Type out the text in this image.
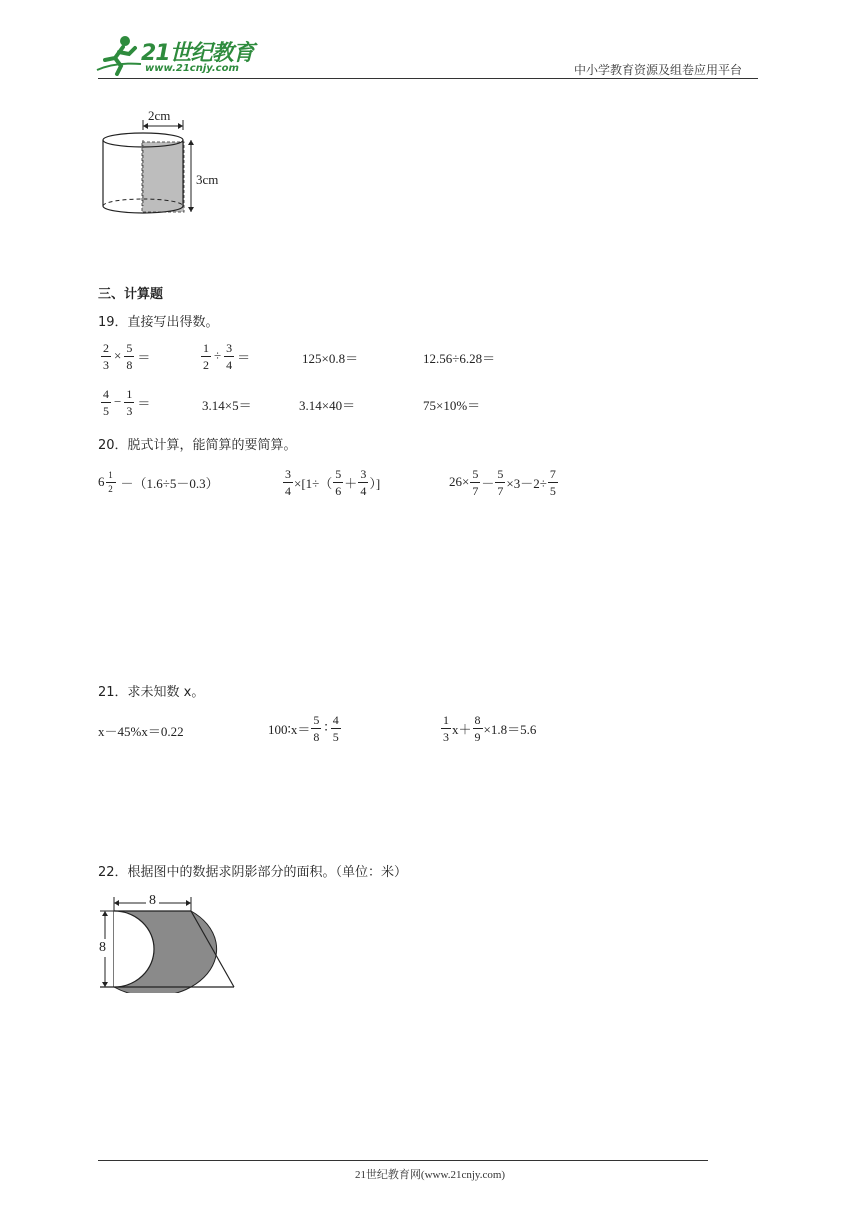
21世纪教育
www.21cnjy.com	中小学教育资源及组卷应用平台
2cm
3cm
三、计算题
19．直接写出得数。
$\frac{2}{3} \times \frac{5}{8}$ ＝	$\frac{1}{2} \div \frac{3}{4}$ ＝	125×0.8＝	12.56÷6.28＝
$\frac{4}{5} - \frac{1}{3}$ ＝	3.14×5＝	3.14×40＝	75×10%＝
20．脱式计算，能简算的要简算。
$6 \frac{1}{2} -(1.6\div 5-0.3)$	$\frac{3}{4} \times[1\div( \frac{5}{6} + \frac{3}{4}$ ）]	$26\times \frac{5}{7} - \frac{5}{7} \times 3-2\div \frac{7}{5}$
21．求未知数 x。
x－45%x＝0.22	100∶x＝ $\frac{5}{8}$ ∶ $\frac{4}{5}$	$\frac{1}{3} x+ \frac{8}{9} \times 1.8=5.6$
22．根据图中的数据求阴影部分的面积。（单位：米）
8
8
21世纪教育网(www.21cnjy.com)
